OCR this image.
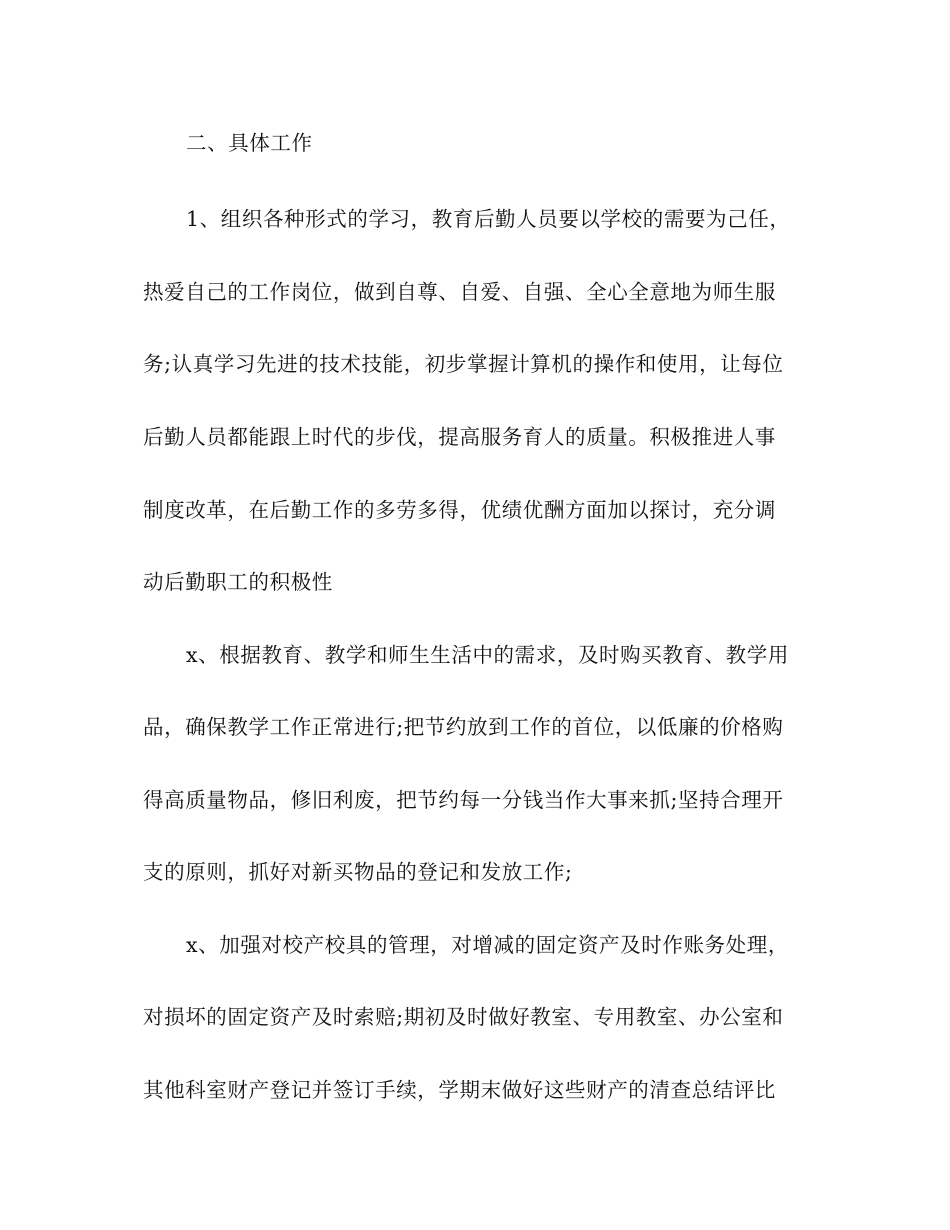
二、具体工作
1、组织各种形式的学习，教育后勤人员要以学校的需要为己任，
热爱自己的工作岗位，做到自尊、自爱、自强、全心全意地为师生服
务;认真学习先进的技术技能，初步掌握计算机的操作和使用，让每位
后勤人员都能跟上时代的步伐，提高服务育人的质量。积极推进人事
制度改革，在后勤工作的多劳多得，优绩优酬方面加以探讨，充分调
动后勤职工的积极性
x、根据教育、教学和师生生活中的需求，及时购买教育、教学用
品，确保教学工作正常进行;把节约放到工作的首位，以低廉的价格购
得高质量物品，修旧利废，把节约每一分钱当作大事来抓;坚持合理开
支的原则，抓好对新买物品的登记和发放工作;
x、加强对校产校具的管理，对增减的固定资产及时作账务处理，
对损坏的固定资产及时索赔;期初及时做好教室、专用教室、办公室和
其他科室财产登记并签订手续，学期末做好这些财产的清查总结评比
